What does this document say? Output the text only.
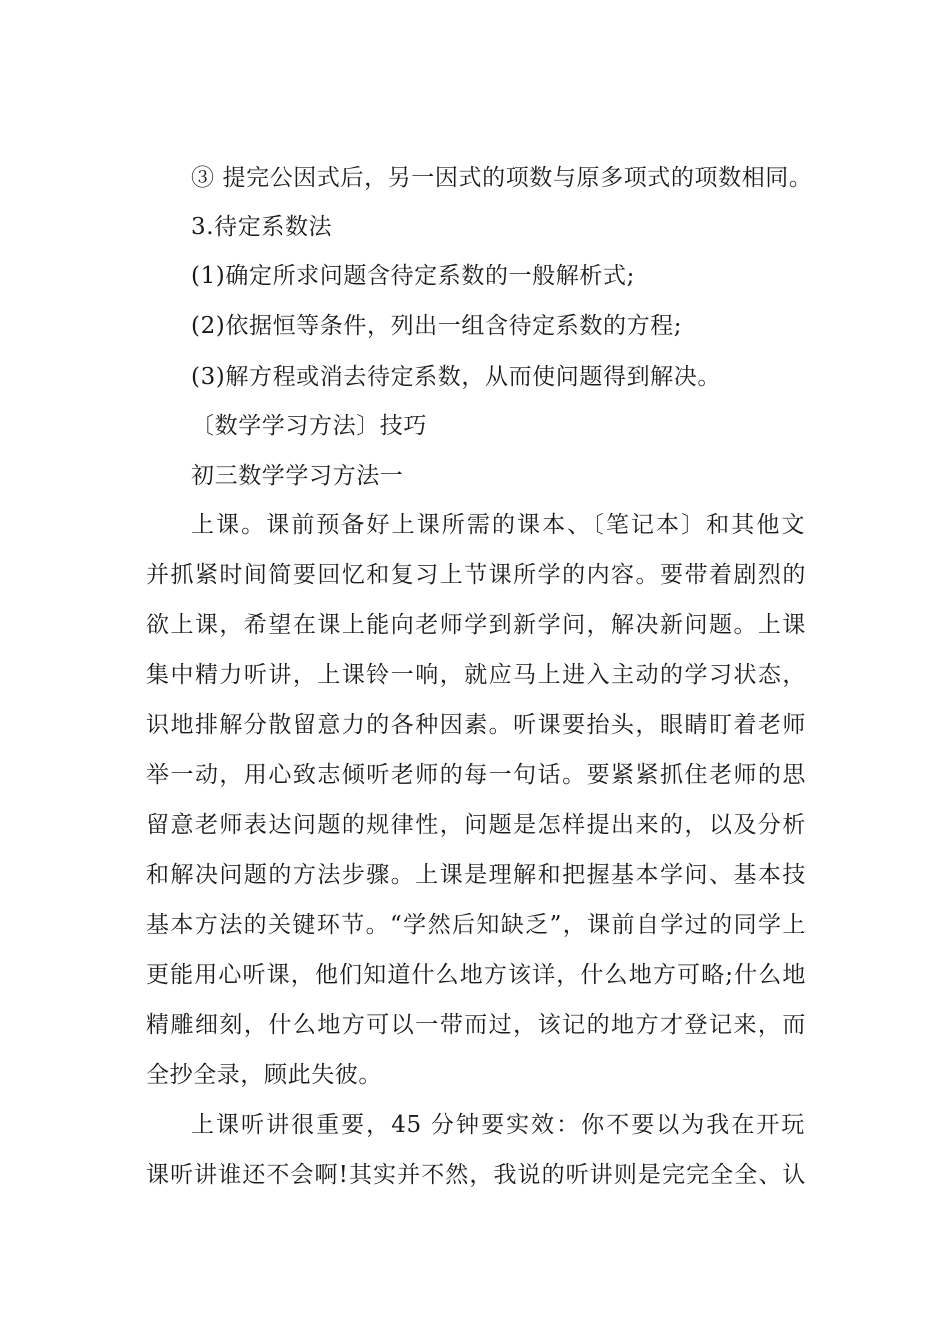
③ 提完公因式后，另一因式的项数与原多项式的项数相同。
3.待定系数法
(1)确定所求问题含待定系数的一般解析式;
(2)依据恒等条件，列出一组含待定系数的方程;
(3)解方程或消去待定系数，从而使问题得到解决。
〔数学学习方法〕技巧
初三数学学习方法一
上课。课前预备好上课所需的课本、〔笔记本〕和其他文
并抓紧时间简要回忆和复习上节课所学的内容。要带着剧烈的
欲上课，希望在课上能向老师学到新学问，解决新问题。上课
集中精力听讲，上课铃一响，就应马上进入主动的学习状态，
识地排解分散留意力的各种因素。听课要抬头，眼睛盯着老师
举一动，用心致志倾听老师的每一句话。要紧紧抓住老师的思
留意老师表达问题的规律性，问题是怎样提出来的，以及分析
和解决问题的方法步骤。上课是理解和把握基本学问、基本技
基本方法的关键环节。“学然后知缺乏”，课前自学过的同学上
更能用心听课，他们知道什么地方该详，什么地方可略;什么地
精雕细刻，什么地方可以一带而过，该记的地方才登记来，而
全抄全录，顾此失彼。
上课听讲很重要，45 分钟要实效：你不要以为我在开玩
课听讲谁还不会啊!其实并不然，我说的听讲则是完完全全、认
